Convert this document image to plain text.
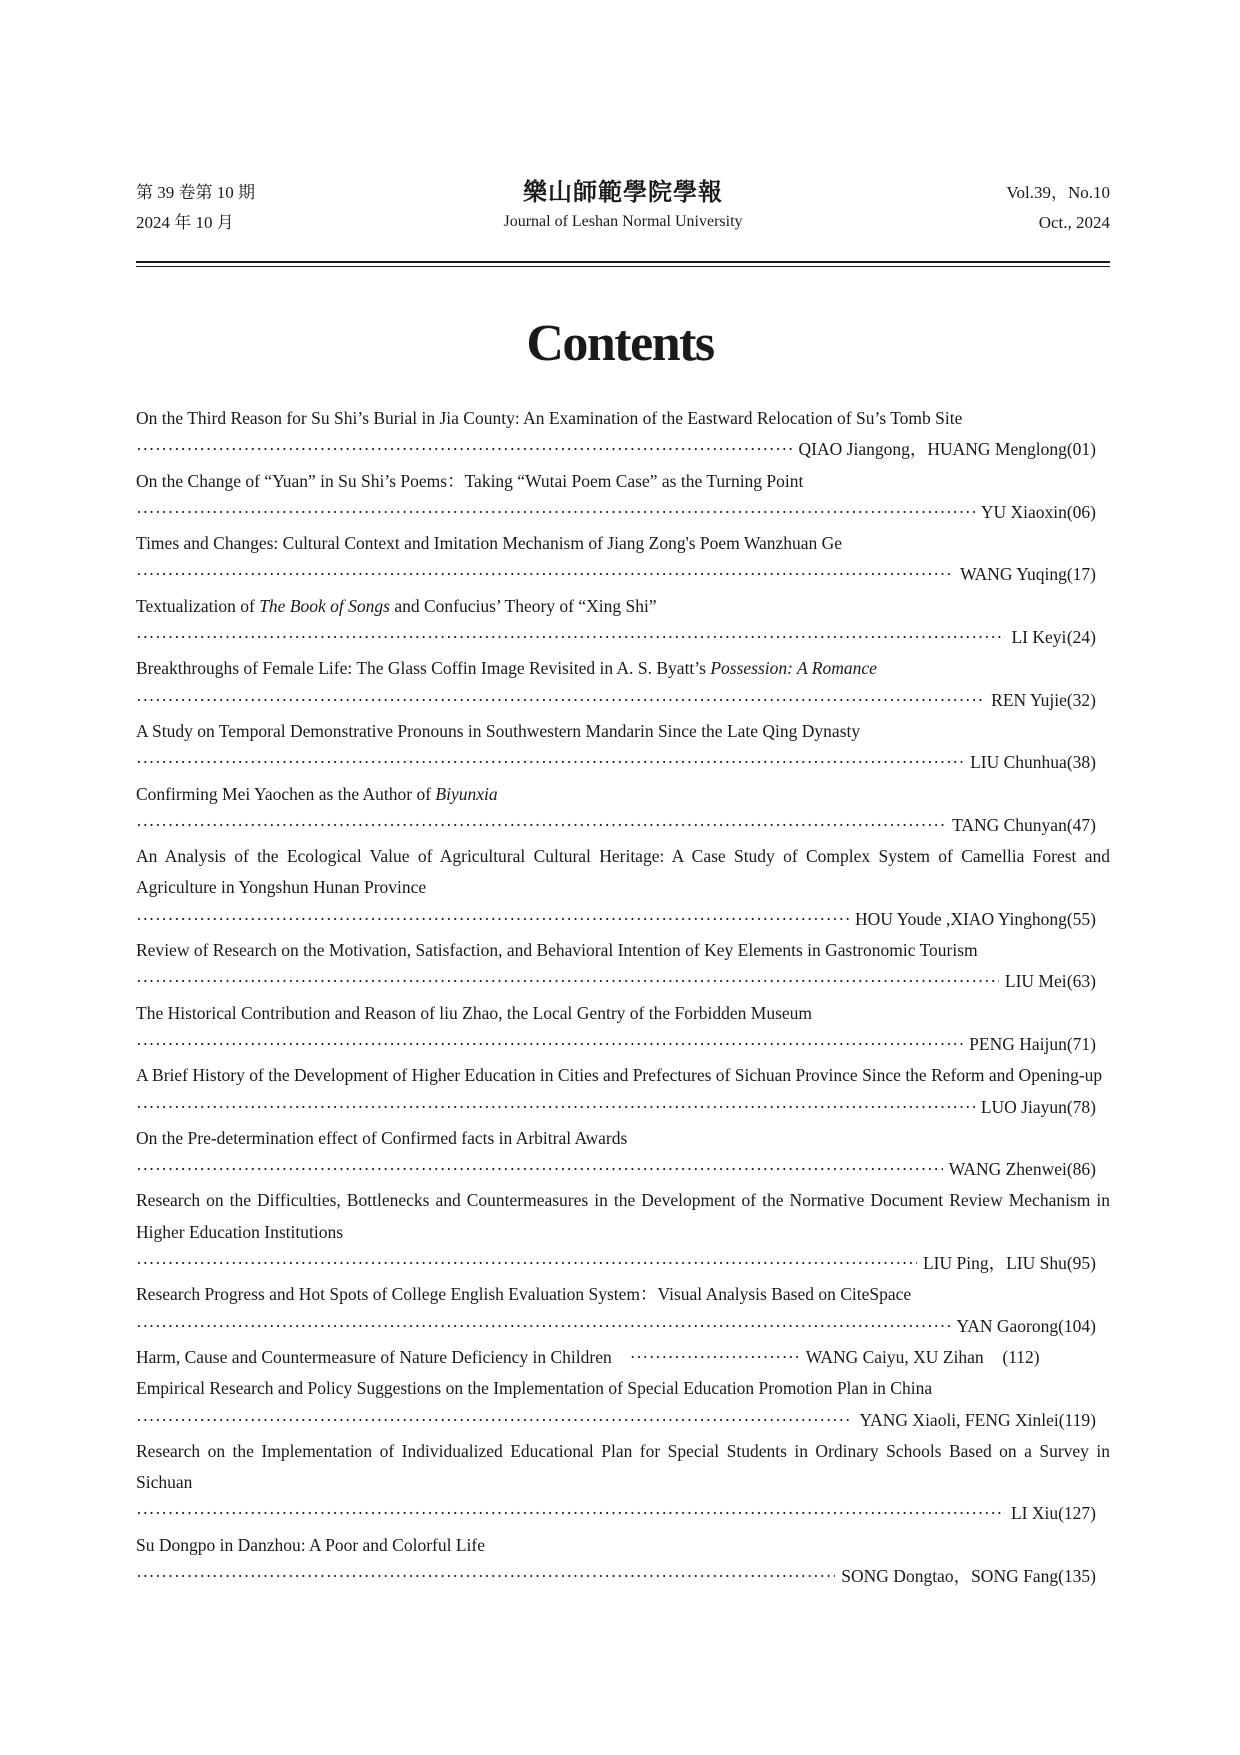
第 39 卷第 10 期
2024 年 10 月
樂山師範學院學報
Journal of Leshan Normal University
Vol.39，No.10
Oct., 2024
Contents
On the Third Reason for Su Shi’s Burial in Jia County: An Examination of the Eastward Relocation of Su’s Tomb Site
·····
QIAO Jiangong，HUANG Menglong (01)
On the Change of “Yuan” in Su Shi’s Poems：Taking “Wutai Poem Case” as the Turning Point
·····
YU Xiaoxin (06)
Times and Changes: Cultural Context and Imitation Mechanism of Jiang Zong's Poem Wanzhuan Ge
·····
WANG Yuqing (17)
Textualization of The Book of Songs and Confucius’ Theory of “Xing Shi”
·····
LI Keyi (24)
Breakthroughs of Female Life: The Glass Coffin Image Revisited in A. S. Byatt’s Possession: A Romance
·····
REN Yujie (32)
A Study on Temporal Demonstrative Pronouns in Southwestern Mandarin Since the Late Qing Dynasty
·····
LIU Chunhua (38)
Confirming Mei Yaochen as the Author of Biyunxia
·····
TANG Chunyan (47)
An Analysis of the Ecological Value of Agricultural Cultural Heritage: A Case Study of Complex System of Camellia Forest and Agriculture in Yongshun Hunan Province
·····
HOU Youde ,XIAO Yinghong (55)
Review of Research on the Motivation, Satisfaction, and Behavioral Intention of Key Elements in Gastronomic Tourism
·····
LIU Mei (63)
The Historical Contribution and Reason of liu Zhao, the Local Gentry of the Forbidden Museum
·····
PENG Haijun (71)
A Brief History of the Development of Higher Education in Cities and Prefectures of Sichuan Province Since the Reform and Opening-up
·····
LUO Jiayun (78)
On the Pre-determination effect of Confirmed facts in Arbitral Awards
·····
WANG Zhenwei (86)
Research on the Difficulties, Bottlenecks and Countermeasures in the Development of the Normative Document Review Mechanism in Higher Education Institutions
·····
LIU Ping，LIU Shu (95)
Research Progress and Hot Spots of College English Evaluation System：Visual Analysis Based on CiteSpace
·····
YAN Gaorong (104)
Harm, Cause and Countermeasure of Nature Deficiency in Children
·····	WANG Caiyu, XU Zihan	(112)
Empirical Research and Policy Suggestions on the Implementation of Special Education Promotion Plan in China
·····
YANG Xiaoli, FENG Xinlei (119)
Research on the Implementation of Individualized Educational Plan for Special Students in Ordinary Schools Based on a Survey in Sichuan
·····
LI Xiu (127)
Su Dongpo in Danzhou: A Poor and Colorful Life
·····
SONG Dongtao，SONG Fang (135)
